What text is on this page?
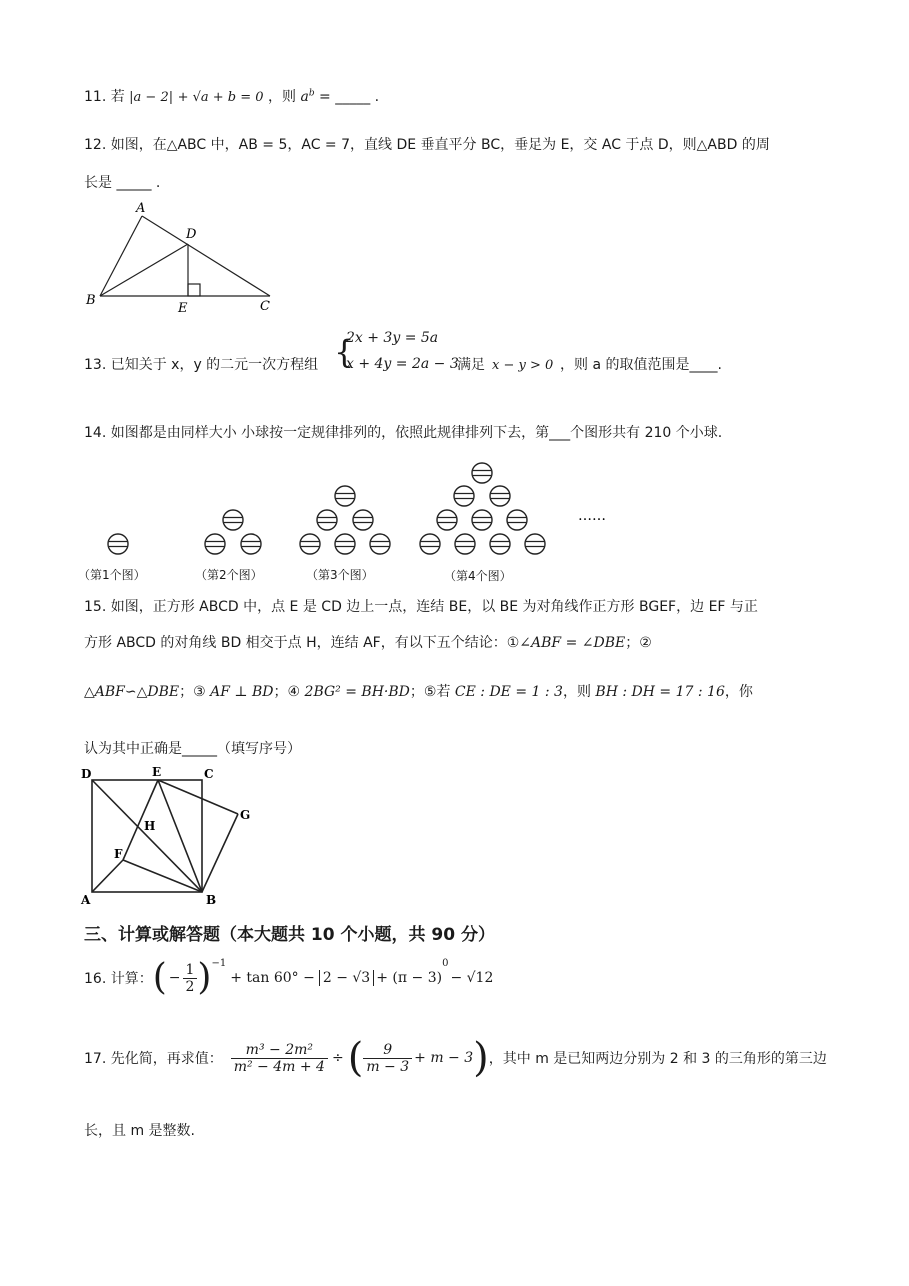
11. 若 |a − 2| + √a + b = 0 ，则 $a^b$ = _____ .
12. 如图，在△ABC 中，AB = 5，AC = 7，直线 DE 垂直平分 BC，垂足为 E，交 AC 于点 D，则△ABD 的周
长是 _____ .
A
D
B
E	C
2x + 3y = 5a
{
13. 已知关于 x，y 的二元一次方程组 x + 4y = 2a − 3
满足 x − y > 0 ，则 a 的取值范围是____.
14. 如图都是由同样大小 小球按一定规律排列的，依照此规律排列下去，第___个图形共有 210 个小球.
……
（第1个图）	（第2个图）	（第3个图）	（第4个图）
15. 如图，正方形 ABCD 中，点 E 是 CD 边上一点，连结 BE，以 BE 为对角线作正方形 BGEF，边 EF 与正
方形 ABCD 的对角线 BD 相交于点 H，连结 AF，有以下五个结论：①∠ABF = ∠DBE；②
△ABF∽△DBE；③ AF ⊥ BD；④ 2BG² = BH·BD；⑤若 CE : DE = 1 : 3，则 BH : DH = 17 : 16，你
认为其中正确是_____（填写序号）
D	E	C
G
H
F
A	B
三、计算或解答题（本大题共 10 个小题，共 90 分）
16. 计算： ( − $\frac{1}{2} )^{-1}$
+ tan 60° − 2 − √3 + (π − 3)
0
− √12
17. 先化简，再求值： $\frac{\text{m³ − 2m²}}{\text{m² − 4m + 4}}$ ÷ ( $\frac{9}{m - 3} + m - 3$ ) ，其中 m 是已知两边分别为 2 和 3 的三角形的第三边
长，且 m 是整数.
